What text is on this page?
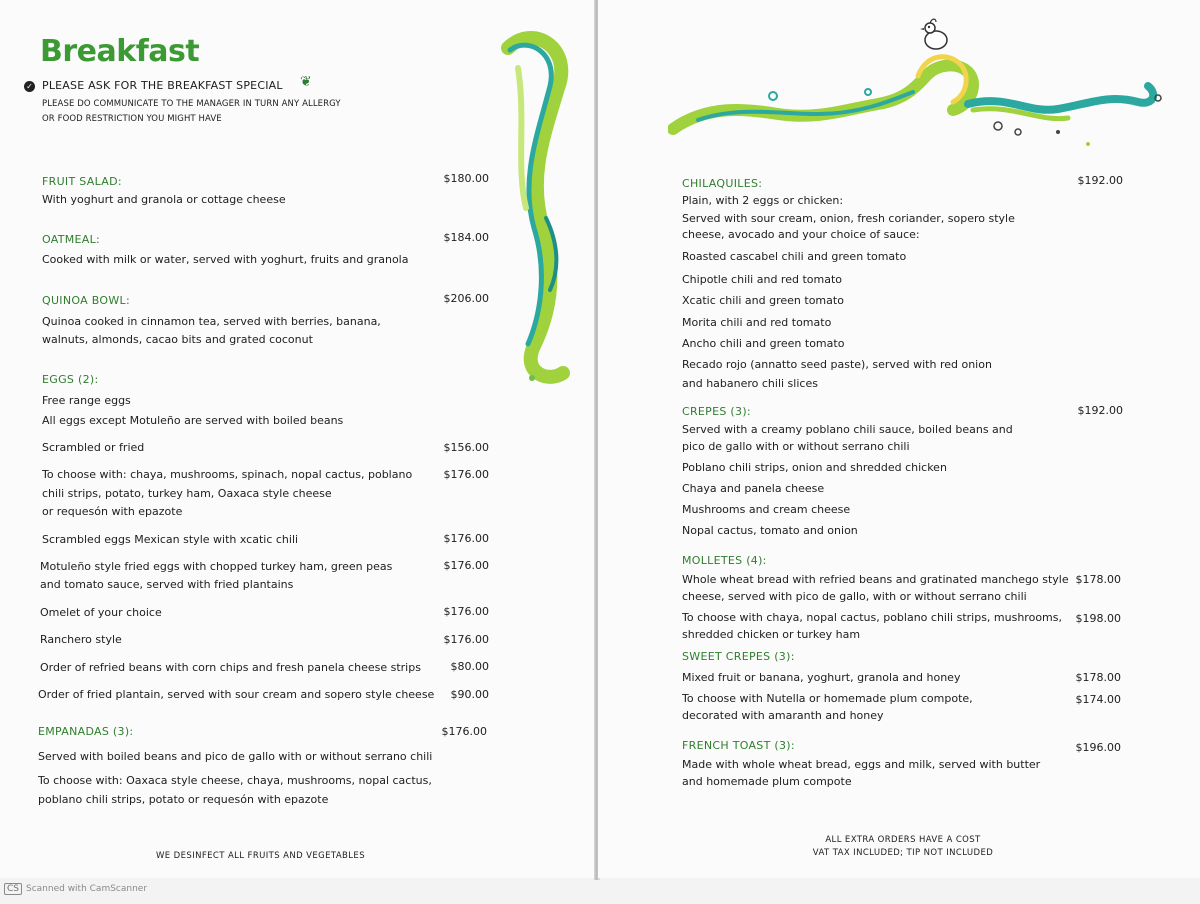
Breakfast
✓ PLEASE ASK FOR THE BREAKFAST SPECIAL ❦
PLEASE DO COMMUNICATE TO THE MANAGER IN TURN ANY ALLERGY
OR FOOD RESTRICTION YOU MIGHT HAVE
FRUIT SALAD:	$180.00
With yoghurt and granola or cottage cheese
OATMEAL:	$184.00
Cooked with milk or water, served with yoghurt, fruits and granola
QUINOA BOWL:	$206.00
Quinoa cooked in cinnamon tea, served with berries, banana,
walnuts, almonds, cacao bits and grated coconut
EGGS (2):
Free range eggs
All eggs except Motuleño are served with boiled beans
Scrambled or fried	$156.00
To choose with: chaya, mushrooms, spinach, nopal cactus, poblano
chili strips, potato, turkey ham, Oaxaca style cheese
or requesón with epazote
$176.00
Scrambled eggs Mexican style with xcatic chili	$176.00
Motuleño style fried eggs with chopped turkey ham, green peas
and tomato sauce, served with fried plantains
$176.00
Omelet of your choice	$176.00
Ranchero style	$176.00
Order of refried beans with corn chips and fresh panela cheese strips	$80.00
Order of fried plantain, served with sour cream and sopero style cheese	$90.00
EMPANADAS (3):	$176.00
Served with boiled beans and pico de gallo with or without serrano chili
To choose with: Oaxaca style cheese, chaya, mushrooms, nopal cactus,
poblano chili strips, potato or requesón with epazote
WE DESINFECT ALL FRUITS AND VEGETABLES
CHILAQUILES:	$192.00
Plain, with 2 eggs or chicken:
Served with sour cream, onion, fresh coriander, sopero style
cheese, avocado and your choice of sauce:
Roasted cascabel chili and green tomato
Chipotle chili and red tomato
Xcatic chili and green tomato
Morita chili and red tomato
Ancho chili and green tomato
Recado rojo (annatto seed paste), served with red onion
and habanero chili slices
CREPES (3):	$192.00
Served with a creamy poblano chili sauce, boiled beans and
pico de gallo with or without serrano chili
Poblano chili strips, onion and shredded chicken
Chaya and panela cheese
Mushrooms and cream cheese
Nopal cactus, tomato and onion
MOLLETES (4):
Whole wheat bread with refried beans and gratinated manchego style
cheese, served with pico de gallo, with or without serrano chili
$178.00
To choose with chaya, nopal cactus, poblano chili strips, mushrooms,
shredded chicken or turkey ham
$198.00
SWEET CREPES (3):
Mixed fruit or banana, yoghurt, granola and honey	$178.00
To choose with Nutella or homemade plum compote,
decorated with amaranth and honey
$174.00
FRENCH TOAST (3):	$196.00
Made with whole wheat bread, eggs and milk, served with butter
and homemade plum compote
ALL EXTRA ORDERS HAVE A COST
VAT TAX INCLUDED; TIP NOT INCLUDED
CS Scanned with CamScanner
